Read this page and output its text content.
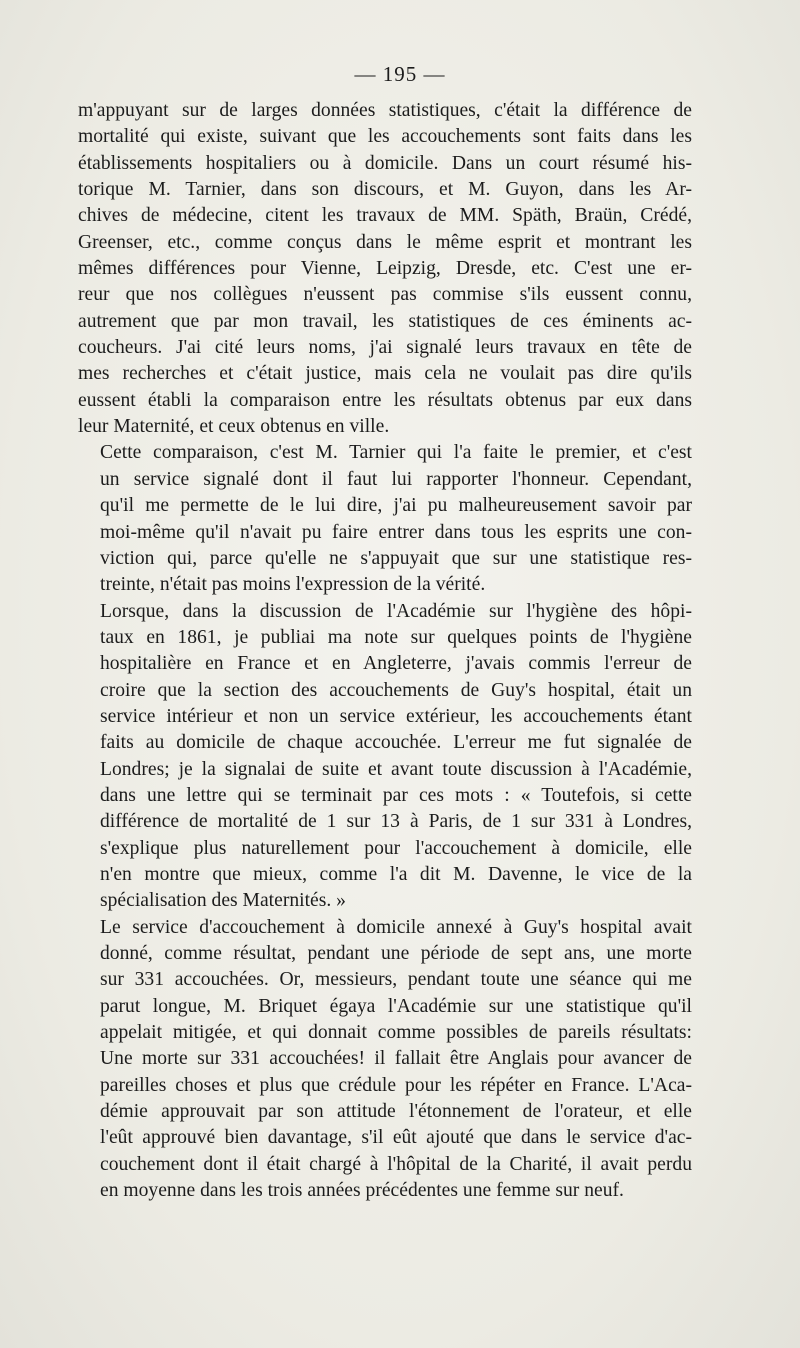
— 195 —

m'appuyant sur de larges données statistiques, c'était la différence de
mortalité qui existe, suivant que les accouchements sont faits dans les
établissements hospitaliers ou à domicile. Dans un court résumé his-
torique M. Tarnier, dans son discours, et M. Guyon, dans les Ar-
chives de médecine, citent les travaux de MM. Späth, Braün, Crédé,
Greenser, etc., comme conçus dans le même esprit et montrant les
mêmes différences pour Vienne, Leipzig, Dresde, etc. C'est une er-
reur que nos collègues n'eussent pas commise s'ils eussent connu,
autrement que par mon travail, les statistiques de ces éminents ac-
coucheurs. J'ai cité leurs noms, j'ai signalé leurs travaux en tête de
mes recherches et c'était justice, mais cela ne voulait pas dire qu'ils
eussent établi la comparaison entre les résultats obtenus par eux dans
leur Maternité, et ceux obtenus en ville.

Cette comparaison, c'est M. Tarnier qui l'a faite le premier, et c'est
un service signalé dont il faut lui rapporter l'honneur. Cependant,
qu'il me permette de le lui dire, j'ai pu malheureusement savoir par
moi-même qu'il n'avait pu faire entrer dans tous les esprits une con-
viction qui, parce qu'elle ne s'appuyait que sur une statistique res-
treinte, n'était pas moins l'expression de la vérité.

Lorsque, dans la discussion de l'Académie sur l'hygiène des hôpi-
taux en 1861, je publiai ma note sur quelques points de l'hygiène
hospitalière en France et en Angleterre, j'avais commis l'erreur de
croire que la section des accouchements de Guy's hospital, était un
service intérieur et non un service extérieur, les accouchements étant
faits au domicile de chaque accouchée. L'erreur me fut signalée de
Londres; je la signalai de suite et avant toute discussion à l'Académie,
dans une lettre qui se terminait par ces mots : « Toutefois, si cette
différence de mortalité de 1 sur 13 à Paris, de 1 sur 331 à Londres,
s'explique plus naturellement pour l'accouchement à domicile, elle
n'en montre que mieux, comme l'a dit M. Davenne, le vice de la
spécialisation des Maternités. »

Le service d'accouchement à domicile annexé à Guy's hospital avait
donné, comme résultat, pendant une période de sept ans, une morte
sur 331 accouchées. Or, messieurs, pendant toute une séance qui me
parut longue, M. Briquet égaya l'Académie sur une statistique qu'il
appelait mitigée, et qui donnait comme possibles de pareils résultats:
Une morte sur 331 accouchées! il fallait être Anglais pour avancer de
pareilles choses et plus que crédule pour les répéter en France. L'Aca-
démie approuvait par son attitude l'étonnement de l'orateur, et elle
l'eût approuvé bien davantage, s'il eût ajouté que dans le service d'ac-
couchement dont il était chargé à l'hôpital de la Charité, il avait perdu
en moyenne dans les trois années précédentes une femme sur neuf.
